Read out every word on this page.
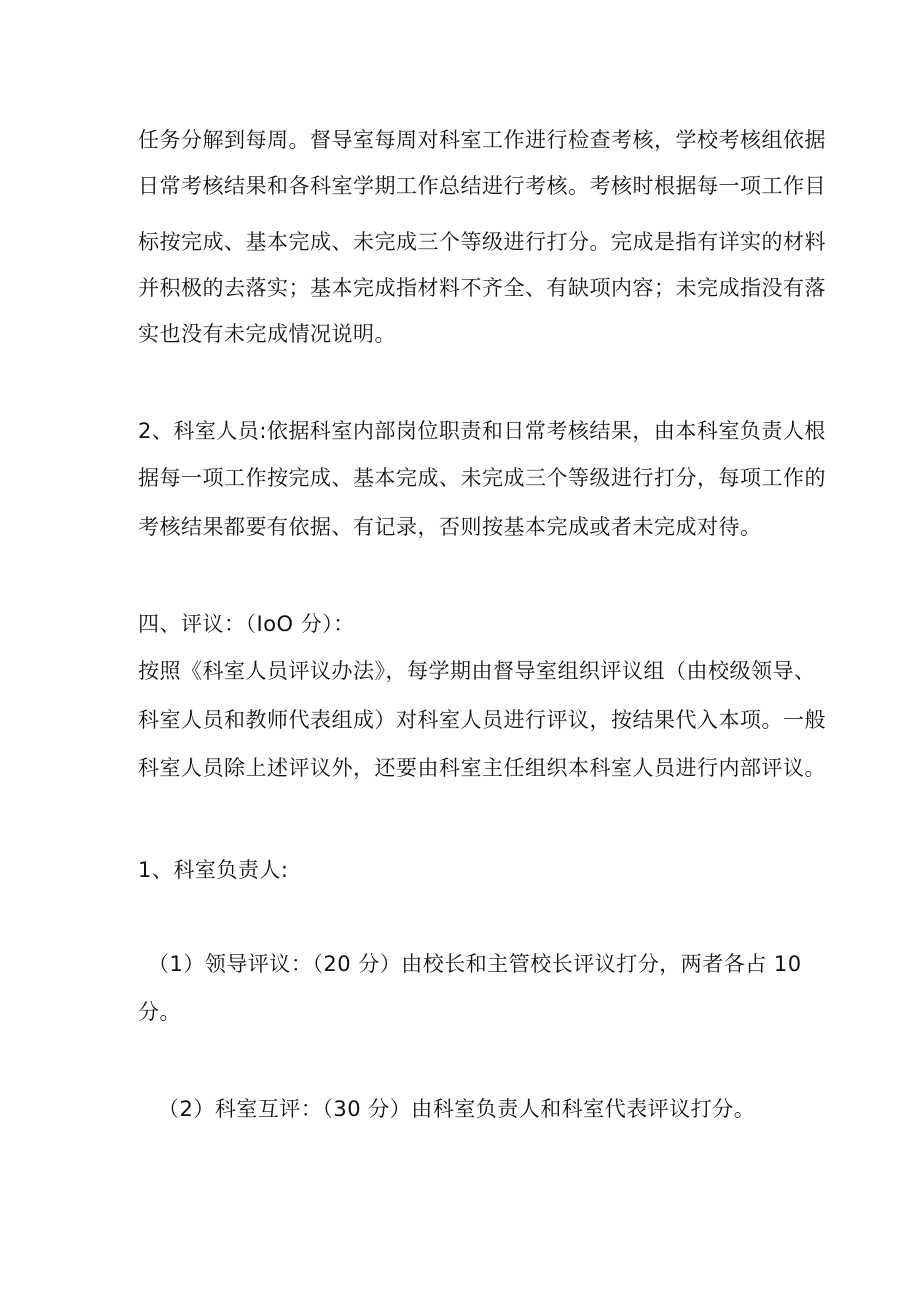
任务分解到每周。督导室每周对科室工作进行检查考核，学校考核组依据
日常考核结果和各科室学期工作总结进行考核。考核时根据每一项工作目
标按完成、基本完成、未完成三个等级进行打分。完成是指有详实的材料
并积极的去落实；基本完成指材料不齐全、有缺项内容；未完成指没有落
实也没有未完成情况说明。
2、科室人员:依据科室内部岗位职责和日常考核结果，由本科室负责人根
据每一项工作按完成、基本完成、未完成三个等级进行打分，每项工作的
考核结果都要有依据、有记录，否则按基本完成或者未完成对待。
四、评议：（IoO 分）：
按照《科室人员评议办法》，每学期由督导室组织评议组（由校级领导、
科室人员和教师代表组成）对科室人员进行评议，按结果代入本项。一般
科室人员除上述评议外，还要由科室主任组织本科室人员进行内部评议。
1、科室负责人:
（1）领导评议：（20 分）由校长和主管校长评议打分，两者各占 10
分。
（2）科室互评：（30 分）由科室负责人和科室代表评议打分。
